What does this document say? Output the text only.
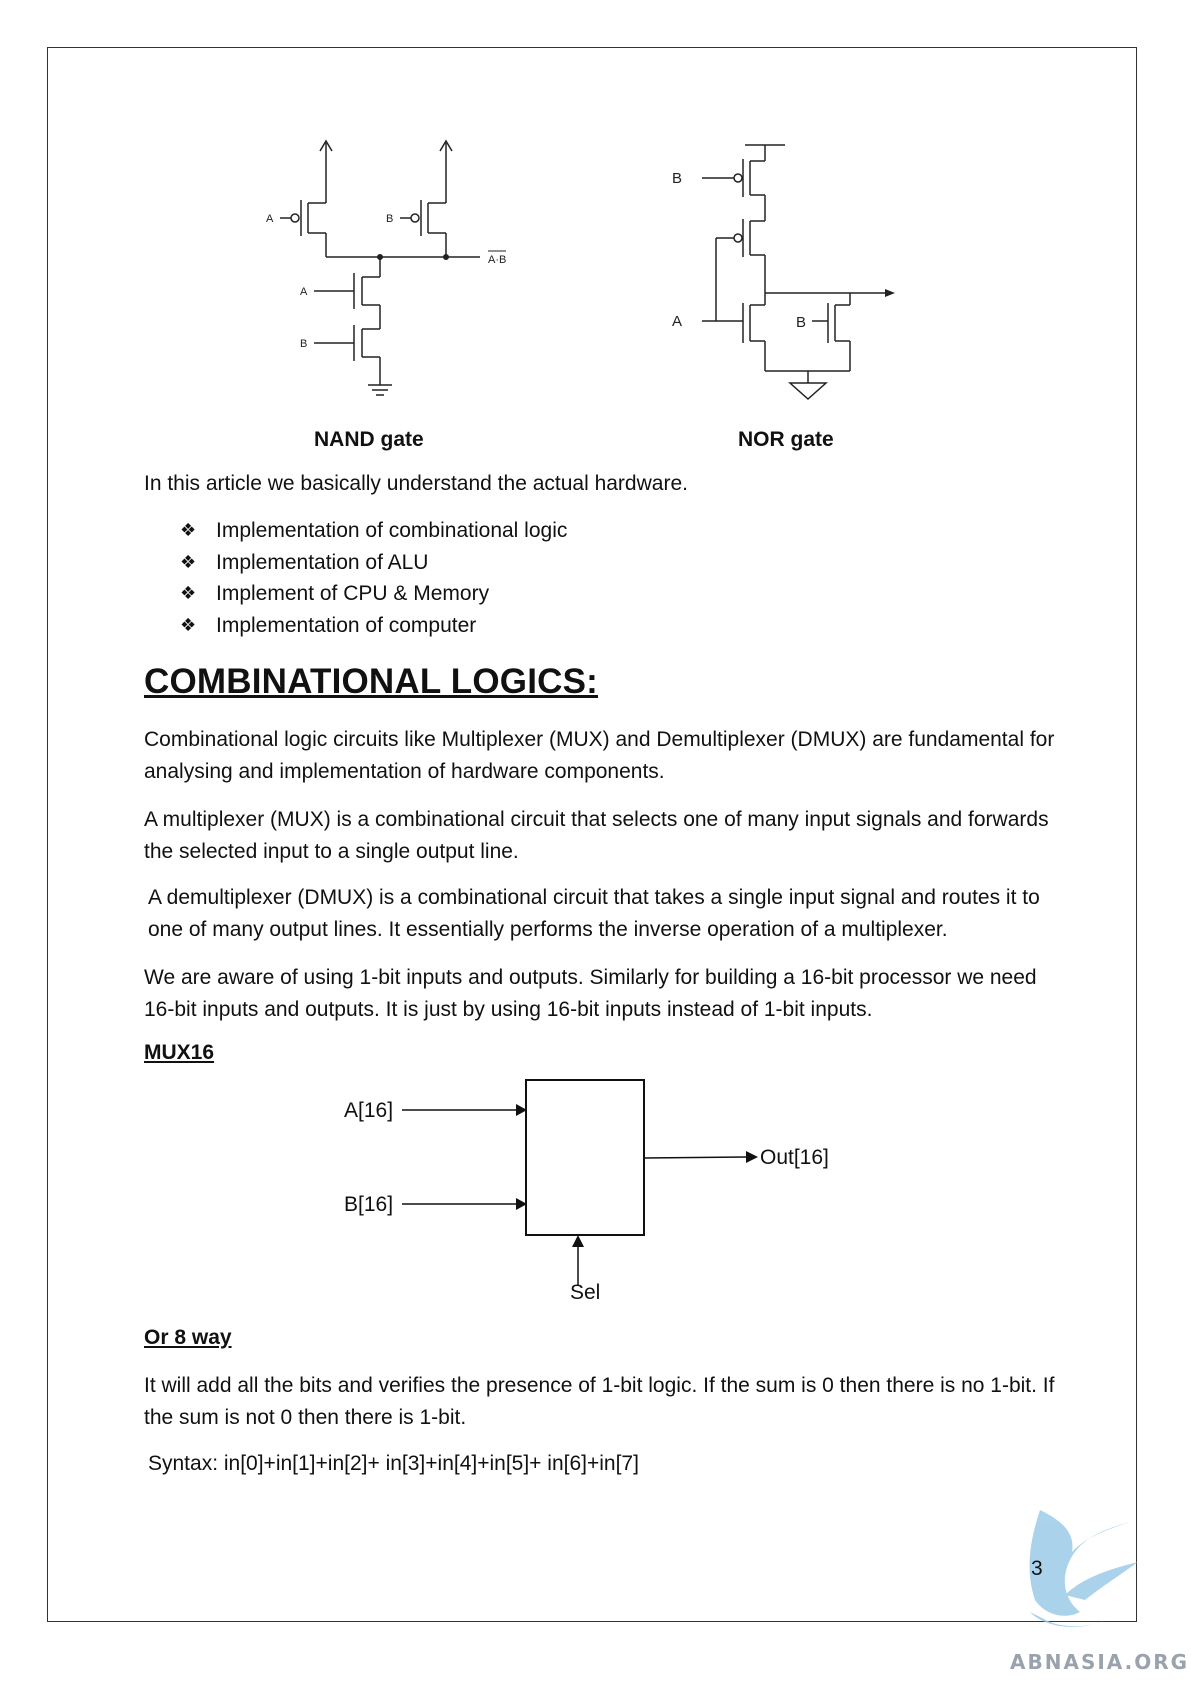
A	B
A·B
A
B
NAND gate
B
A	B
NOR gate
In this article we basically understand the actual hardware.
❖ Implementation of combinational logic
❖ Implementation of ALU
❖ Implement of CPU & Memory
❖ Implementation of computer
COMBINATIONAL LOGICS:
Combinational logic circuits like Multiplexer (MUX) and Demultiplexer (DMUX) are fundamental for analysing and implementation of hardware components.
A multiplexer (MUX) is a combinational circuit that selects one of many input signals and forwards the selected input to a single output line.
A demultiplexer (DMUX) is a combinational circuit that takes a single input signal and routes it to one of many output lines. It essentially performs the inverse operation of a multiplexer.
We are aware of using 1-bit inputs and outputs. Similarly for building a 16-bit processor we need 16-bit inputs and outputs. It is just by using 16-bit inputs instead of 1-bit inputs.
MUX16
A[16]
B[16]
Out[16]
Sel
Or 8 way
It will add all the bits and verifies the presence of 1-bit logic. If the sum is 0 then there is no 1-bit. If the sum is not 0 then there is 1-bit.
Syntax: in[0]+in[1]+in[2]+ in[3]+in[4]+in[5]+ in[6]+in[7]
3
ABNASIA.ORG
